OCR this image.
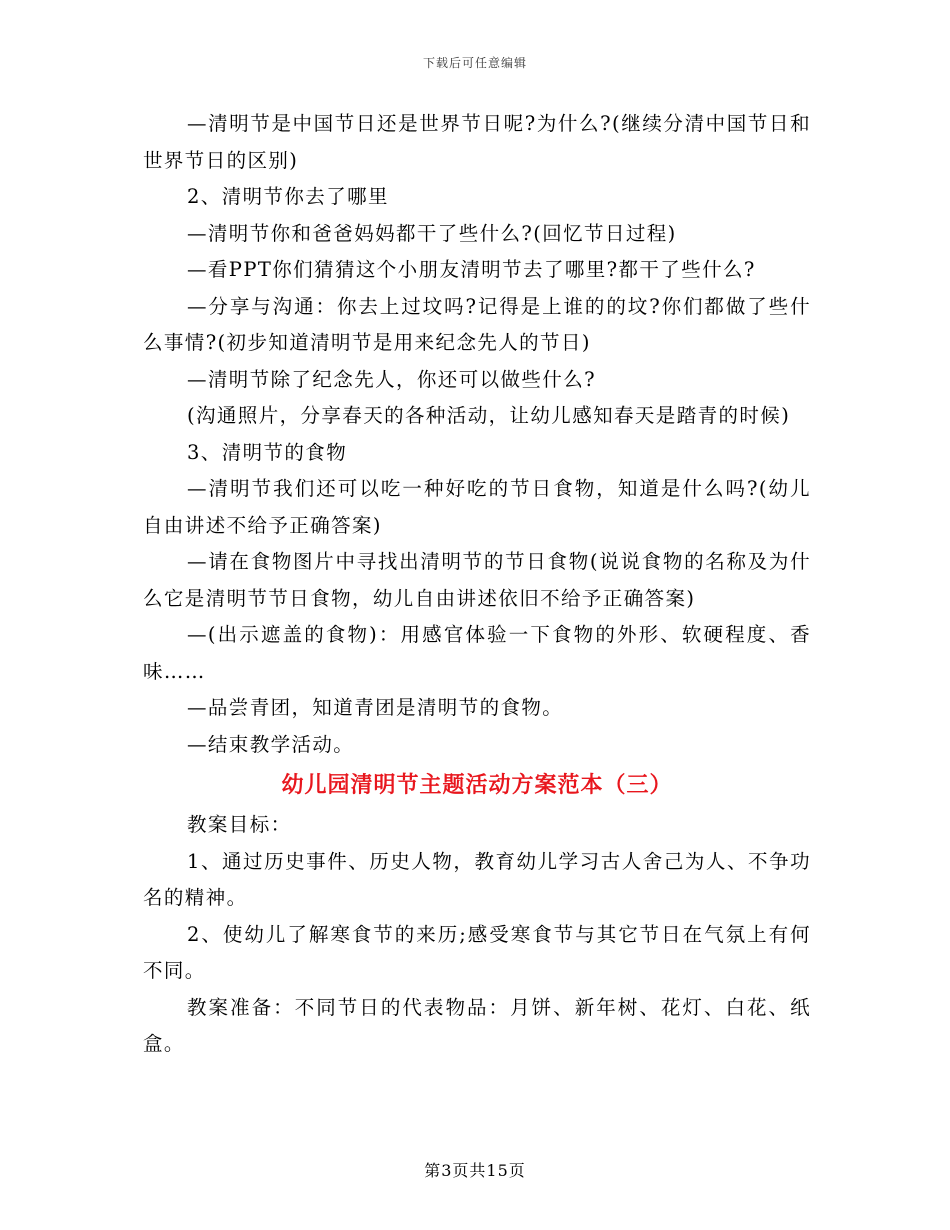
下载后可任意编辑

—清明节是中国节日还是世界节日呢?为什么?(继续分清中国节日和世界节日的区别)

2、清明节你去了哪里

—清明节你和爸爸妈妈都干了些什么?(回忆节日过程)

—看PPT你们猜猜这个小朋友清明节去了哪里?都干了些什么?

—分享与沟通：你去上过坟吗?记得是上谁的的坟?你们都做了些什么事情?(初步知道清明节是用来纪念先人的节日)

—清明节除了纪念先人，你还可以做些什么?

(沟通照片，分享春天的各种活动，让幼儿感知春天是踏青的时候)

3、清明节的食物

—清明节我们还可以吃一种好吃的节日食物，知道是什么吗?(幼儿自由讲述不给予正确答案)

—请在食物图片中寻找出清明节的节日食物(说说食物的名称及为什么它是清明节节日食物，幼儿自由讲述依旧不给予正确答案)

—(出示遮盖的食物)：用感官体验一下食物的外形、软硬程度、香味……

—品尝青团，知道青团是清明节的食物。

—结束教学活动。

幼儿园清明节主题活动方案范本（三）

教案目标：

1、通过历史事件、历史人物，教育幼儿学习古人舍己为人、不争功名的精神。

2、使幼儿了解寒食节的来历;感受寒食节与其它节日在气氛上有何不同。

教案准备：不同节日的代表物品：月饼、新年树、花灯、白花、纸盒。

第3页共15页
